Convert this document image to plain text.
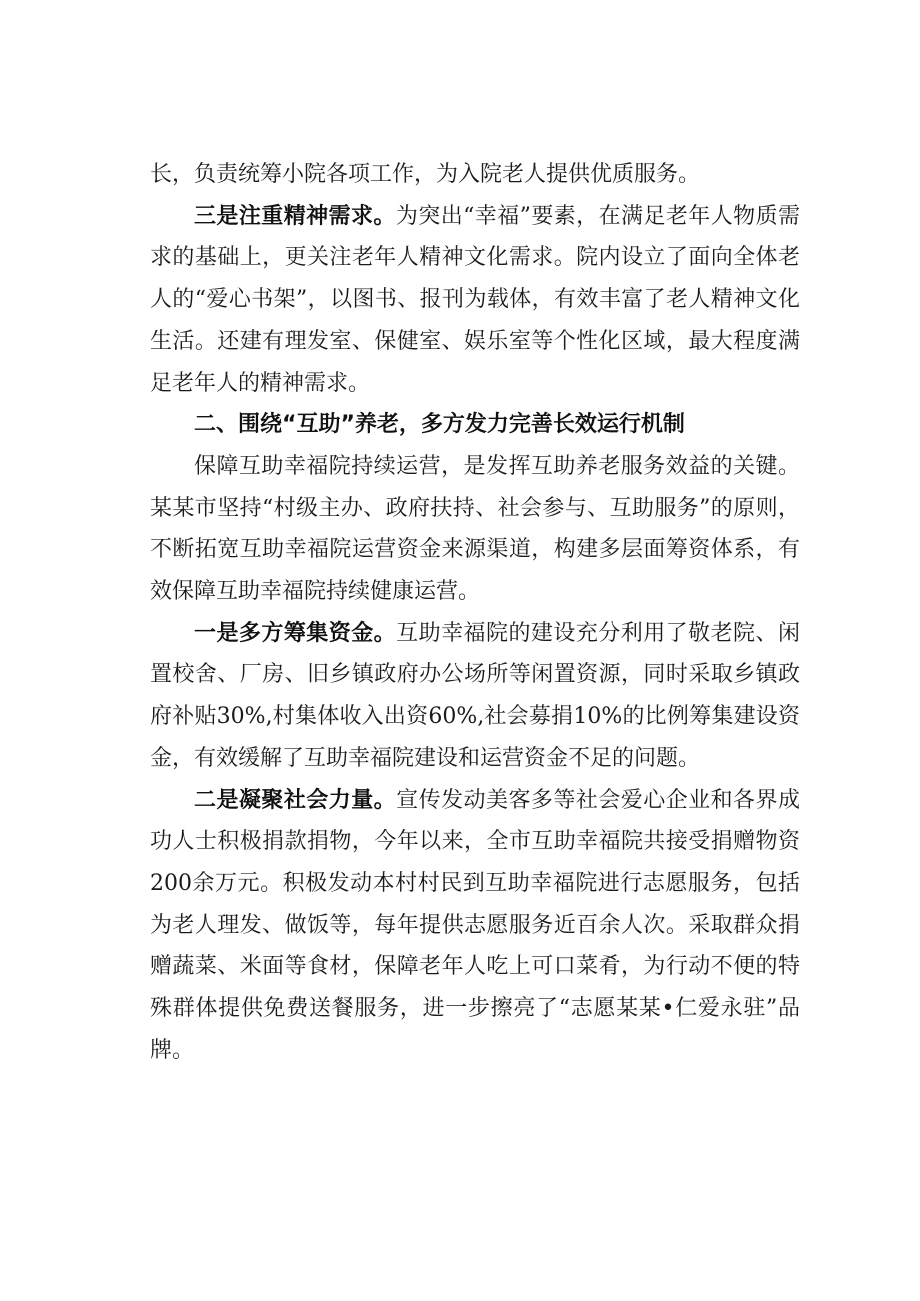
长，负责统筹小院各项工作，为入院老人提供优质服务。

三是注重精神需求。为突出“幸福”要素，在满足老年人物质需求的基础上，更关注老年人精神文化需求。院内设立了面向全体老人的“爱心书架”，以图书、报刊为载体，有效丰富了老人精神文化生活。还建有理发室、保健室、娱乐室等个性化区域，最大程度满足老年人的精神需求。

二、围绕“互助”养老，多方发力完善长效运行机制

保障互助幸福院持续运营，是发挥互助养老服务效益的关键。某某市坚持“村级主办、政府扶持、社会参与、互助服务”的原则，不断拓宽互助幸福院运营资金来源渠道，构建多层面筹资体系，有效保障互助幸福院持续健康运营。

一是多方筹集资金。互助幸福院的建设充分利用了敬老院、闲置校舍、厂房、旧乡镇政府办公场所等闲置资源，同时采取乡镇政府补贴30%,村集体收入出资60%,社会募捐10%的比例筹集建设资金，有效缓解了互助幸福院建设和运营资金不足的问题。

二是凝聚社会力量。宣传发动美客多等社会爱心企业和各界成功人士积极捐款捐物，今年以来，全市互助幸福院共接受捐赠物资200余万元。积极发动本村村民到互助幸福院进行志愿服务，包括为老人理发、做饭等，每年提供志愿服务近百余人次。采取群众捐赠蔬菜、米面等食材，保障老年人吃上可口菜肴，为行动不便的特殊群体提供免费送餐服务，进一步擦亮了“志愿某某•仁爱永驻”品牌。
